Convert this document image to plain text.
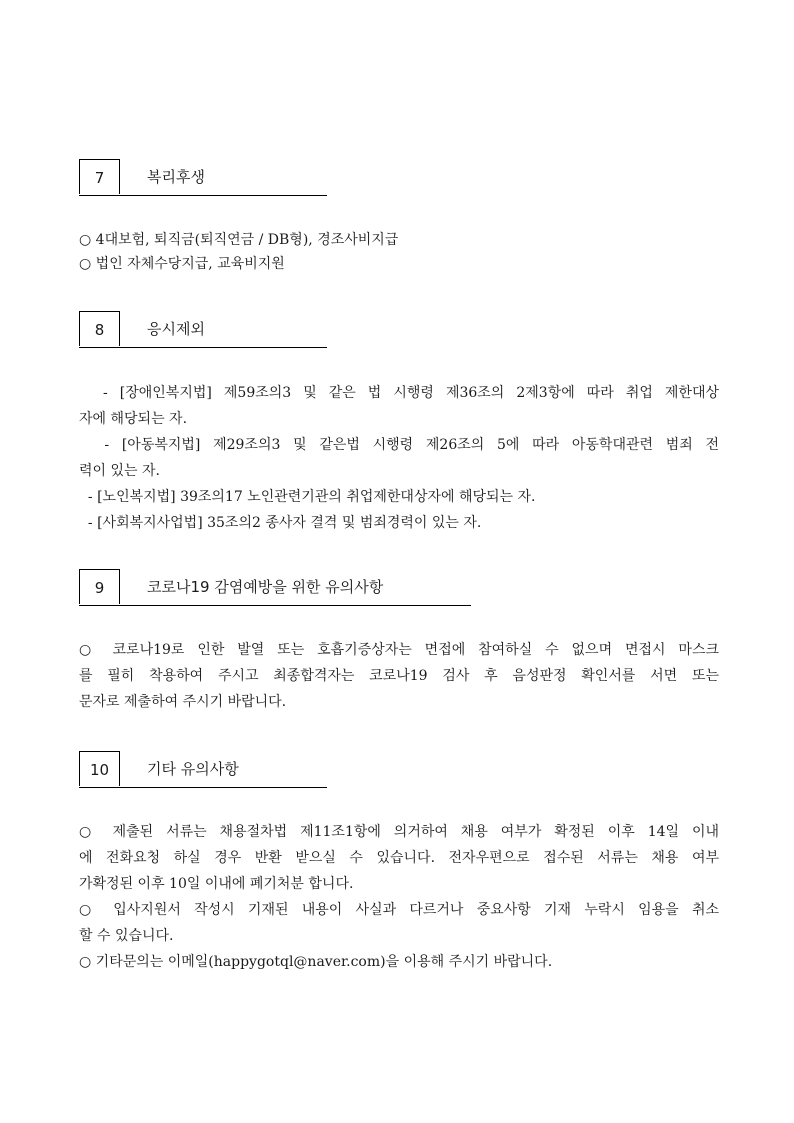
7	복리후생
○ 4대보험, 퇴직금(퇴직연금 / DB형), 경조사비지급
○ 법인 자체수당지급, 교육비지원
8	응시제외
- [장애인복지법] 제59조의3 및 같은 법 시행령 제36조의 2제3항에 따라 취업 제한대상
자에 해당되는 자.
- [아동복지법] 제29조의3 및 같은법 시행령 제26조의 5에 따라 아동학대관련 범죄 전
력이 있는 자.
- [노인복지법] 39조의17 노인관련기관의 취업제한대상자에 해당되는 자.
- [사회복지사업법] 35조의2 종사자 결격 및 범죄경력이 있는 자.
9	코로나19 감염예방을 위한 유의사항
○ 코로나19로 인한 발열 또는 호흡기증상자는 면접에 참여하실 수 없으며 면접시 마스크
를 필히 착용하여 주시고 최종합격자는 코로나19 검사 후 음성판정 확인서를 서면 또는
문자로 제출하여 주시기 바랍니다.
10	기타 유의사항
○ 제출된 서류는 채용절차법 제11조1항에 의거하여 채용 여부가 확정된 이후 14일 이내
에 전화요청 하실 경우 반환 받으실 수 있습니다. 전자우편으로 접수된 서류는 채용 여부
가확정된 이후 10일 이내에 폐기처분 합니다.
○ 입사지원서 작성시 기재된 내용이 사실과 다르거나 중요사항 기재 누락시 임용을 취소
할 수 있습니다.
○ 기타문의는 이메일(happygotql@naver.com)을 이용해 주시기 바랍니다.
